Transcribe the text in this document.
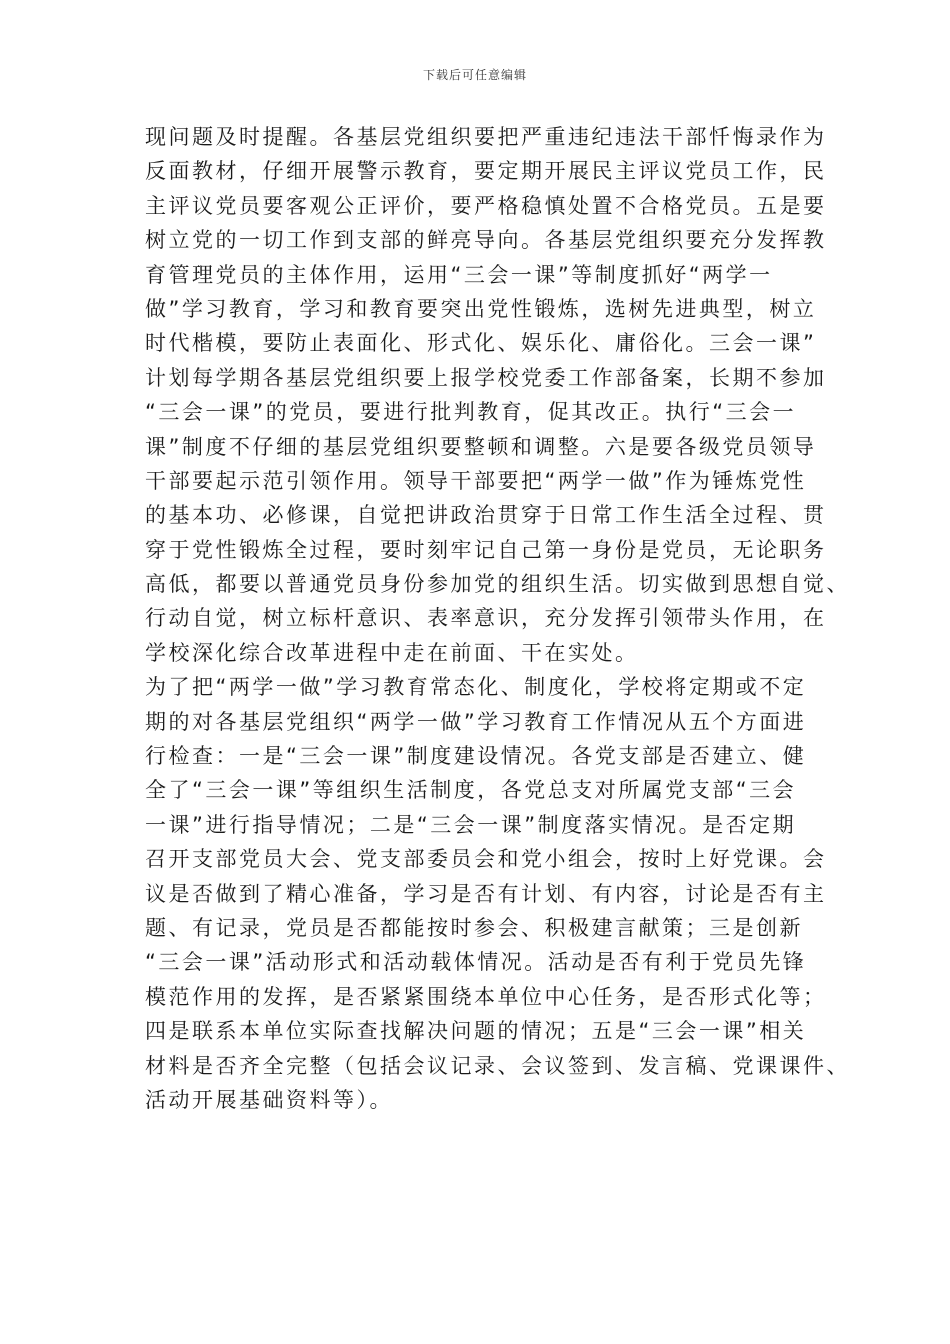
下载后可任意编辑
现问题及时提醒。各基层党组织要把严重违纪违法干部忏悔录作为
反面教材，仔细开展警示教育，要定期开展民主评议党员工作，民
主评议党员要客观公正评价，要严格稳慎处置不合格党员。五是要
树立党的一切工作到支部的鲜亮导向。各基层党组织要充分发挥教
育管理党员的主体作用，运用“三会一课”等制度抓好“两学一
做”学习教育，学习和教育要突出党性锻炼，选树先进典型，树立
时代楷模，要防止表面化、形式化、娱乐化、庸俗化。三会一课”
计划每学期各基层党组织要上报学校党委工作部备案，长期不参加
“三会一课”的党员，要进行批判教育，促其改正。执行“三会一
课”制度不仔细的基层党组织要整顿和调整。六是要各级党员领导
干部要起示范引领作用。领导干部要把“两学一做”作为锤炼党性
的基本功、必修课，自觉把讲政治贯穿于日常工作生活全过程、贯
穿于党性锻炼全过程，要时刻牢记自己第一身份是党员，无论职务
高低，都要以普通党员身份参加党的组织生活。切实做到思想自觉、
行动自觉，树立标杆意识、表率意识，充分发挥引领带头作用，在
学校深化综合改革进程中走在前面、干在实处。
为了把“两学一做”学习教育常态化、制度化，学校将定期或不定
期的对各基层党组织“两学一做”学习教育工作情况从五个方面进
行检查：一是“三会一课”制度建设情况。各党支部是否建立、健
全了“三会一课”等组织生活制度，各党总支对所属党支部“三会
一课”进行指导情况；二是“三会一课”制度落实情况。是否定期
召开支部党员大会、党支部委员会和党小组会，按时上好党课。会
议是否做到了精心准备，学习是否有计划、有内容，讨论是否有主
题、有记录，党员是否都能按时参会、积极建言献策；三是创新
“三会一课”活动形式和活动载体情况。活动是否有利于党员先锋
模范作用的发挥，是否紧紧围绕本单位中心任务，是否形式化等；
四是联系本单位实际查找解决问题的情况；五是“三会一课”相关
材料是否齐全完整（包括会议记录、会议签到、发言稿、党课课件、
活动开展基础资料等）。
